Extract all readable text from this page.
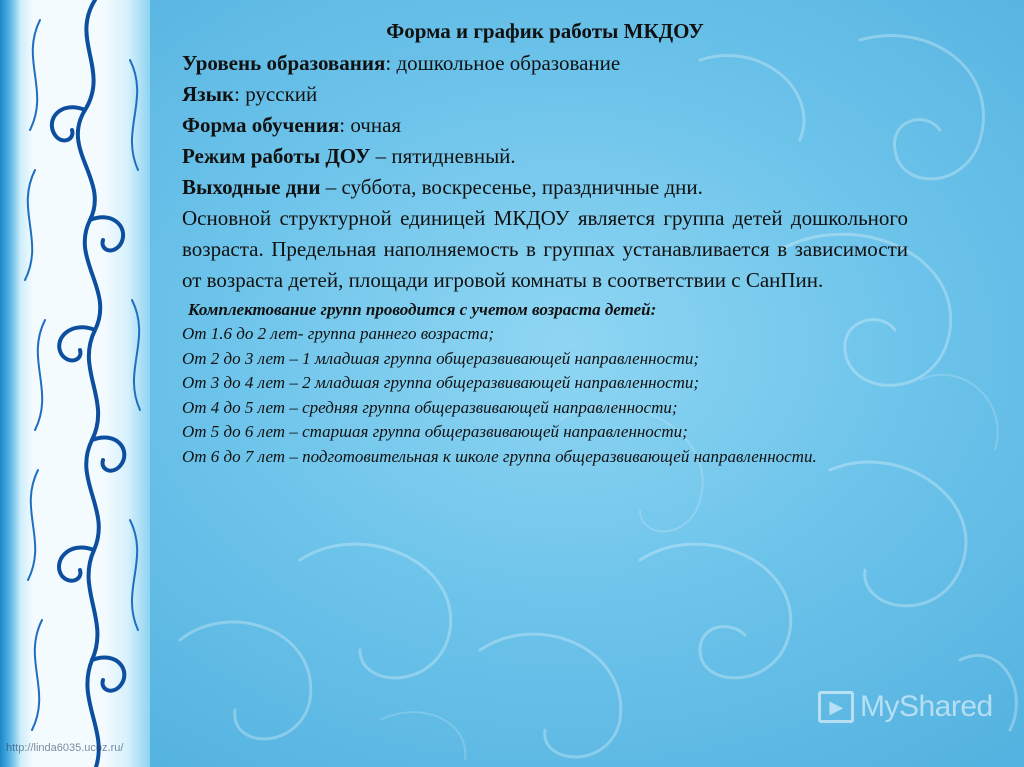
Форма и график работы МКДОУ

Уровень образования: дошкольное образование

Язык: русский

Форма обучения: очная

Режим работы ДОУ – пятидневный.

Выходные дни – суббота, воскресенье, праздничные дни.

Основной структурной единицей МКДОУ является группа детей дошкольного возраста. Предельная наполняемость в группах устанавливается в зависимости от возраста детей, площади игровой комнаты в соответствии с СанПин.

Комплектование групп проводится с учетом возраста детей:
От 1.6 до 2 лет- группа раннего возраста;
От 2 до 3 лет – 1 младшая группа общеразвивающей направленности;
От 3 до 4 лет – 2 младшая группа общеразвивающей направленности;
От 4 до 5 лет – средняя группа общеразвивающей направленности;
От 5 до 6 лет – старшая группа общеразвивающей направленности;
От 6 до 7 лет – подготовительная к школе группа общеразвивающей направленности.
▶ MyShared
http://linda6035.ucoz.ru/
